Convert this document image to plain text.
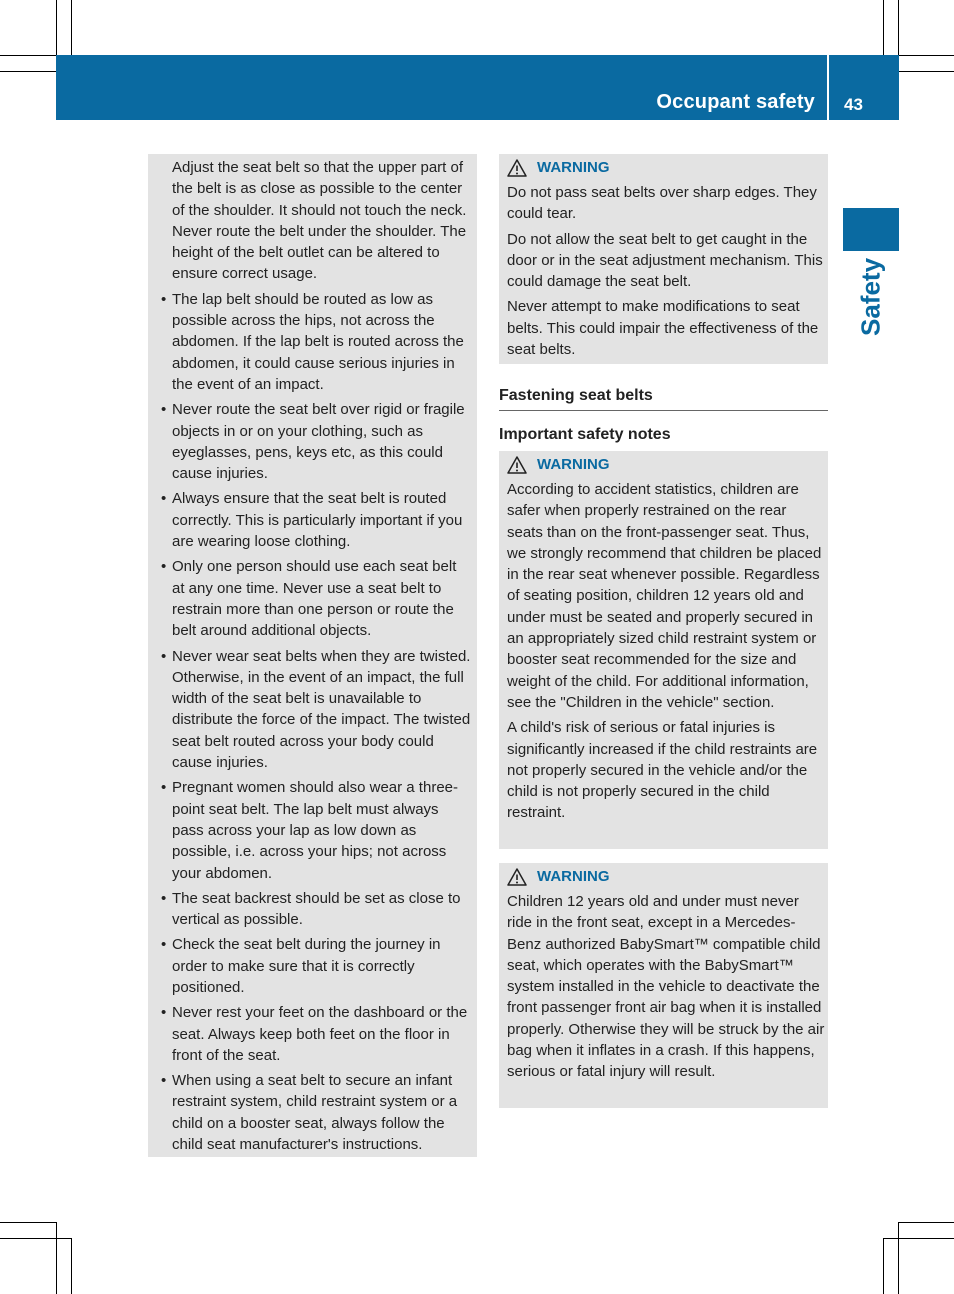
Occupant safety 43
Safety

Adjust the seat belt so that the upper part of the belt is as close as possible to the center of the shoulder. It should not touch the neck. Never route the belt under the shoulder. The height of the belt outlet can be altered to ensure correct usage.

• The lap belt should be routed as low as possible across the hips, not across the abdomen. If the lap belt is routed across the abdomen, it could cause serious injuries in the event of an impact.
• Never route the seat belt over rigid or fragile objects in or on your clothing, such as eyeglasses, pens, keys etc, as this could cause injuries.
• Always ensure that the seat belt is routed correctly. This is particularly important if you are wearing loose clothing.
• Only one person should use each seat belt at any one time. Never use a seat belt to restrain more than one person or route the belt around additional objects.
• Never wear seat belts when they are twisted. Otherwise, in the event of an impact, the full width of the seat belt is unavailable to distribute the force of the impact. The twisted seat belt routed across your body could cause injuries.
• Pregnant women should also wear a three-point seat belt. The lap belt must always pass across your lap as low down as possible, i.e. across your hips; not across your abdomen.
• The seat backrest should be set as close to vertical as possible.
• Check the seat belt during the journey in order to make sure that it is correctly positioned.
• Never rest your feet on the dashboard or the seat. Always keep both feet on the floor in front of the seat.
• When using a seat belt to secure an infant restraint system, child restraint system or a child on a booster seat, always follow the child seat manufacturer's instructions.
WARNING

Do not pass seat belts over sharp edges. They could tear.

Do not allow the seat belt to get caught in the door or in the seat adjustment mechanism. This could damage the seat belt.

Never attempt to make modifications to seat belts. This could impair the effectiveness of the seat belts.

Fastening seat belts
Important safety notes
WARNING

According to accident statistics, children are safer when properly restrained on the rear seats than on the front-passenger seat. Thus, we strongly recommend that children be placed in the rear seat whenever possible. Regardless of seating position, children 12 years old and under must be seated and properly secured in an appropriately sized child restraint system or booster seat recommended for the size and weight of the child. For additional information, see the "Children in the vehicle" section.

A child's risk of serious or fatal injuries is significantly increased if the child restraints are not properly secured in the vehicle and/or the child is not properly secured in the child restraint.

WARNING

Children 12 years old and under must never ride in the front seat, except in a Mercedes-Benz authorized BabySmart™ compatible child seat, which operates with the BabySmart™ system installed in the vehicle to deactivate the front passenger front air bag when it is installed properly. Otherwise they will be struck by the air bag when it inflates in a crash. If this happens, serious or fatal injury will result.
